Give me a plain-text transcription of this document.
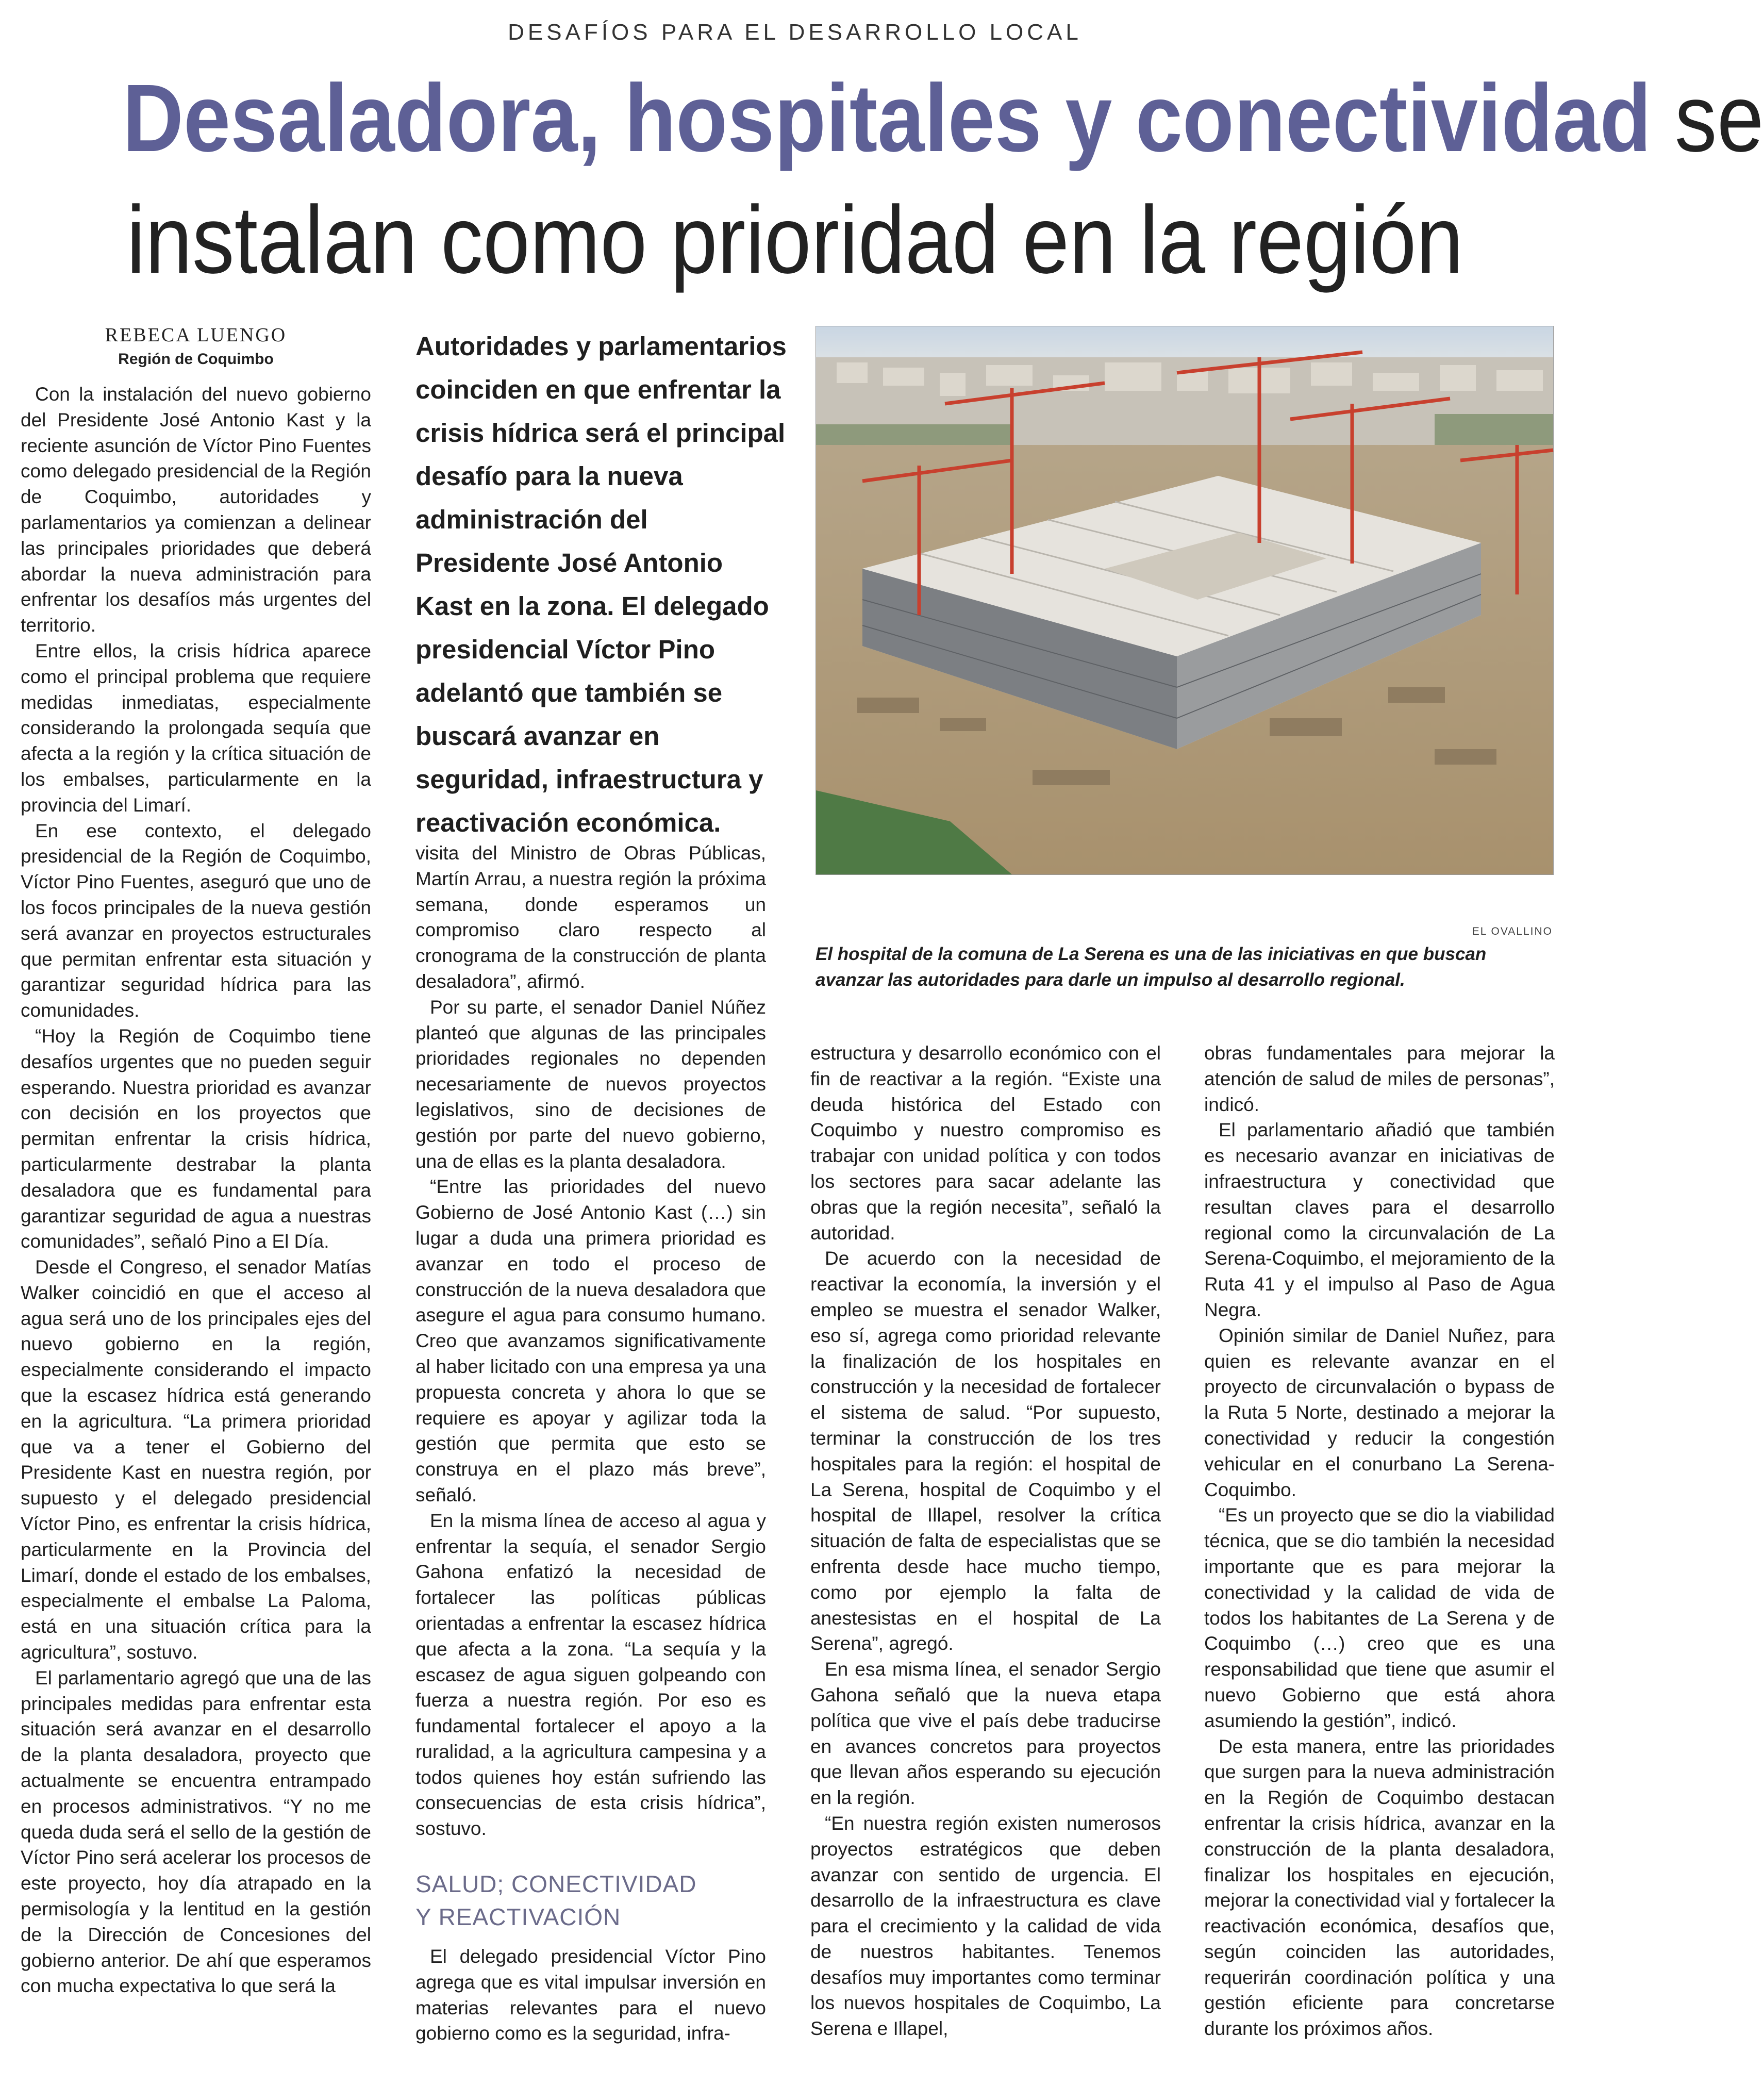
DESAFÍOS PARA EL DESARROLLO LOCAL
Desaladora, hospitales y conectividad se
instalan como prioridad en la región
REBECA LUENGO
Región de Coquimbo

Con la instalación del nuevo gobierno del Presidente José Antonio Kast y la reciente asunción de Víctor Pino Fuentes como delegado presidencial de la Región de Coquimbo, autoridades y parlamentarios ya comienzan a delinear las principales prioridades que deberá abordar la nueva administración para enfrentar los desafíos más urgentes del territorio.

Entre ellos, la crisis hídrica aparece como el principal problema que requiere medidas inmediatas, especialmente considerando la prolongada sequía que afecta a la región y la crítica situación de los embalses, particularmente en la provincia del Limarí.

En ese contexto, el delegado presidencial de la Región de Coquimbo, Víctor Pino Fuentes, aseguró que uno de los focos principales de la nueva gestión será avanzar en proyectos estructurales que permitan enfrentar esta situación y garantizar seguridad hídrica para las comunidades.

“Hoy la Región de Coquimbo tiene desafíos urgentes que no pueden seguir esperando. Nuestra prioridad es avanzar con decisión en los proyectos que permitan enfrentar la crisis hídrica, particularmente destrabar la planta desaladora que es fundamental para garantizar seguridad de agua a nuestras comunidades”, señaló Pino a El Día.

Desde el Congreso, el senador Matías Walker coincidió en que el acceso al agua será uno de los principales ejes del nuevo gobierno en la región, especialmente considerando el impacto que la escasez hídrica está generando en la agricultura. “La primera prioridad que va a tener el Gobierno del Presidente Kast en nuestra región, por supuesto y el delegado presidencial Víctor Pino, es enfrentar la crisis hídrica, particularmente en la Provincia del Limarí, donde el estado de los embalses, especialmente el embalse La Paloma, está en una situación crítica para la agricultura”, sostuvo.

El parlamentario agregó que una de las principales medidas para enfrentar esta situación será avanzar en el desarrollo de la planta desaladora, proyecto que actualmente se encuentra entrampado en procesos administrativos. “Y no me queda duda será el sello de la gestión de Víctor Pino será acelerar los procesos de este proyecto, hoy día atrapado en la permisología y la lentitud en la gestión de la Dirección de Concesiones del gobierno anterior. De ahí que esperamos con mucha expectativa lo que será la

Autoridades y parlamentarios coinciden en que enfrentar la crisis hídrica será el principal desafío para la nueva administración del Presidente José Antonio Kast en la zona. El delegado presidencial Víctor Pino adelantó que también se buscará avanzar en seguridad, infraestructura y reactivación económica.

visita del Ministro de Obras Públicas, Martín Arrau, a nuestra región la próxima semana, donde esperamos un compromiso claro respecto al cronograma de la construcción de planta desaladora”, afirmó.

Por su parte, el senador Daniel Núñez planteó que algunas de las principales prioridades regionales no dependen necesariamente de nuevos proyectos legislativos, sino de decisiones de gestión por parte del nuevo gobierno, una de ellas es la planta desaladora.

“Entre las prioridades del nuevo Gobierno de José Antonio Kast (…) sin lugar a duda una primera prioridad es avanzar en todo el proceso de construcción de la nueva desaladora que asegure el agua para consumo humano. Creo que avanzamos significativamente al haber licitado con una empresa ya una propuesta concreta y ahora lo que se requiere es apoyar y agilizar toda la gestión que permita que esto se construya en el plazo más breve”, señaló.

En la misma línea de acceso al agua y enfrentar la sequía, el senador Sergio Gahona enfatizó la necesidad de fortalecer las políticas públicas orientadas a enfrentar la escasez hídrica que afecta a la zona. “La sequía y la escasez de agua siguen golpeando con fuerza a nuestra región. Por eso es fundamental fortalecer el apoyo a la ruralidad, a la agricultura campesina y a todos quienes hoy están sufriendo las consecuencias de esta crisis hídrica”, sostuvo.

SALUD; CONECTIVIDAD
Y REACTIVACIÓN

El delegado presidencial Víctor Pino agrega que es vital impulsar inversión en materias relevantes para el nuevo gobierno como es la seguridad, infra-

EL OVALLINO
El hospital de la comuna de La Serena es una de las iniciativas en que buscan avanzar las autoridades para darle un impulso al desarrollo regional.

estructura y desarrollo económico con el fin de reactivar a la región. “Existe una deuda histórica del Estado con Coquimbo y nuestro compromiso es trabajar con unidad política y con todos los sectores para sacar adelante las obras que la región necesita”, señaló la autoridad.

De acuerdo con la necesidad de reactivar la economía, la inversión y el empleo se muestra el senador Walker, eso sí, agrega como prioridad relevante la finalización de los hospitales en construcción y la necesidad de fortalecer el sistema de salud. “Por supuesto, terminar la construcción de los tres hospitales para la región: el hospital de La Serena, hospital de Coquimbo y el hospital de Illapel, resolver la crítica situación de falta de especialistas que se enfrenta desde hace mucho tiempo, como por ejemplo la falta de anestesistas en el hospital de La Serena”, agregó.

En esa misma línea, el senador Sergio Gahona señaló que la nueva etapa política que vive el país debe traducirse en avances concretos para proyectos que llevan años esperando su ejecución en la región.

“En nuestra región existen numerosos proyectos estratégicos que deben avanzar con sentido de urgencia. El desarrollo de la infraestructura es clave para el crecimiento y la calidad de vida de nuestros habitantes. Tenemos desafíos muy importantes como terminar los nuevos hospitales de Coquimbo, La Serena e Illapel,

obras fundamentales para mejorar la atención de salud de miles de personas”, indicó.

El parlamentario añadió que también es necesario avanzar en iniciativas de infraestructura y conectividad que resultan claves para el desarrollo regional como la circunvalación de La Serena-Coquimbo, el mejoramiento de la Ruta 41 y el impulso al Paso de Agua Negra.

Opinión similar de Daniel Nuñez, para quien es relevante avanzar en el proyecto de circunvalación o bypass de la Ruta 5 Norte, destinado a mejorar la conectividad y reducir la congestión vehicular en el conurbano La Serena-Coquimbo.

“Es un proyecto que se dio la viabilidad técnica, que se dio también la necesidad importante que es para mejorar la conectividad y la calidad de vida de todos los habitantes de La Serena y de Coquimbo (…) creo que es una responsabilidad que tiene que asumir el nuevo Gobierno que está ahora asumiendo la gestión”, indicó.

De esta manera, entre las prioridades que surgen para la nueva administración en la Región de Coquimbo destacan enfrentar la crisis hídrica, avanzar en la construcción de la planta desaladora, finalizar los hospitales en ejecución, mejorar la conectividad vial y fortalecer la reactivación económica, desafíos que, según coinciden las autoridades, requerirán coordinación política y una gestión eficiente para concretarse durante los próximos años.
